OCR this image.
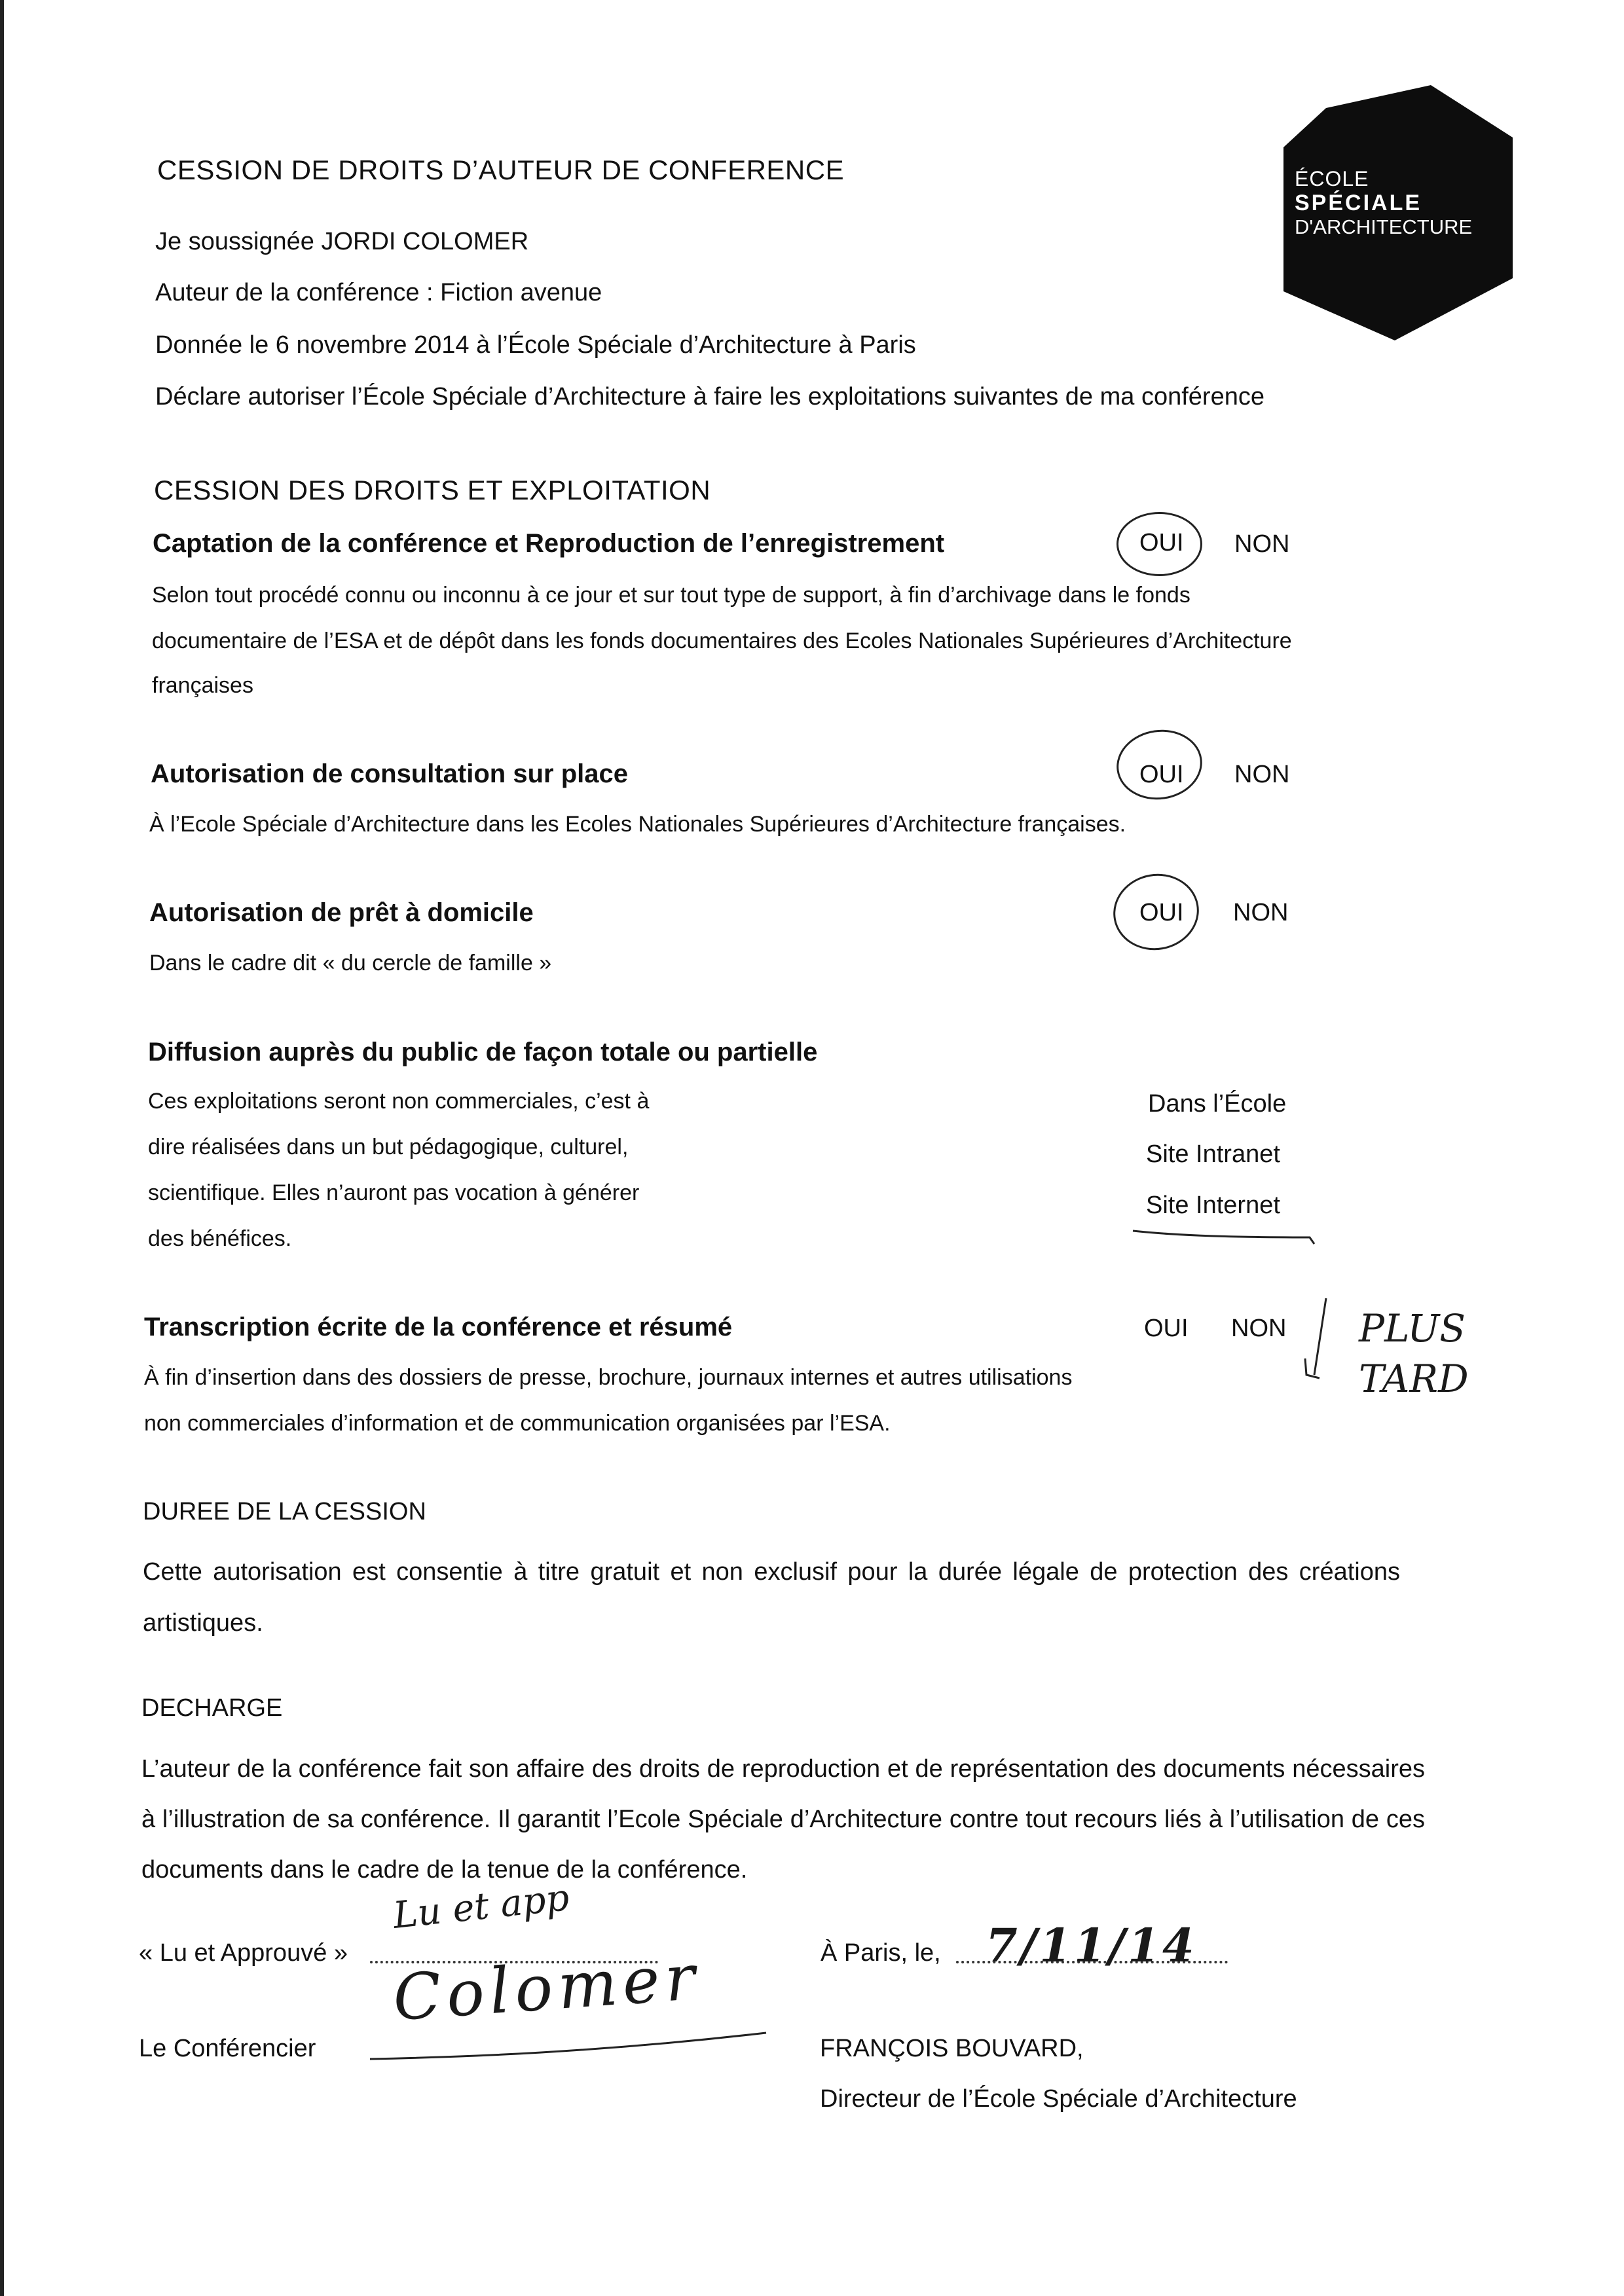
ÉCOLE
SPÉCIALE
D'ARCHITECTURE
CESSION DE DROITS D’AUTEUR DE CONFERENCE
Je soussignée JORDI COLOMER
Auteur de la conférence : Fiction avenue
Donnée le 6 novembre 2014 à l’École Spéciale d’Architecture à Paris
Déclare autoriser l’École Spéciale d’Architecture à faire les exploitations suivantes de ma conférence
CESSION DES DROITS ET EXPLOITATION
Captation de la conférence et Reproduction de l’enregistrement	OUI NON
Selon tout procédé connu ou inconnu à ce jour et sur tout type de support, à fin d’archivage dans le fonds
documentaire de l’ESA et de dépôt dans les fonds documentaires des Ecoles Nationales Supérieures d’Architecture
françaises
Autorisation de consultation sur place	OUI NON
À l’Ecole Spéciale d’Architecture dans les Ecoles Nationales Supérieures d’Architecture françaises.
Autorisation de prêt à domicile	OUI NON
Dans le cadre dit « du cercle de famille »
Diffusion auprès du public de façon totale ou partielle
Ces exploitations seront non commerciales, c’est à
dire réalisées dans un but pédagogique, culturel,
scientifique. Elles n’auront pas vocation à générer
des bénéfices.
Dans l’École
Site Intranet
Site Internet
Transcription écrite de la conférence et résumé	OUI NON PLUS
TARD
À fin d’insertion dans des dossiers de presse, brochure, journaux internes et autres utilisations
non commerciales d’information et de communication organisées par l’ESA.
DUREE DE LA CESSION
Cette autorisation est consentie à titre gratuit et non exclusif pour la durée légale de protection des créations artistiques.
DECHARGE
L’auteur de la conférence fait son affaire des droits de reproduction et de représentation des documents nécessaires à l’illustration de sa conférence. Il garantit l’Ecole Spéciale d’Architecture contre tout recours liés à l’utilisation de ces documents dans le cadre de la tenue de la conférence.
Lu et app
« Lu et Approuvé » Colomer
Le Conférencier
À Paris, le, 7/11/14
FRANÇOIS BOUVARD,
Directeur de l’École Spéciale d’Architecture
